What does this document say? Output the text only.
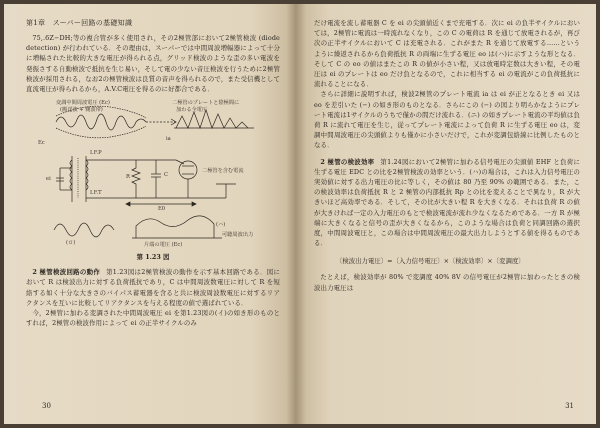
第1章　スーパー回路の基礎知識

75,.6Z−DH;等の複合管が多く使用され，その2極管部において2極管検波 (diode detection) が行われている．その理由は，スーパーでは中間周波増幅器によって十分に増幅された比較的大きな電圧が得られる点，グリッド検波のような歪の多い電波を発振さする自動検波で抵抗を生じ易い，そして電の少ない音圧検波を行うために2極管検波が採用される，なお2の極管検波は良質の音声を得られるので，また受信機として直流電圧が得られるから，A.V.C電圧を得るのに好都合である．

変調中間周波電圧 (Ec)
(搬送波 + 側波帯)
二極管のプレートと陰極間に
加わる全電圧
ia
Ec
I.F.P
I.F.T
C
R
ei
E0
二極管を含む電流
(ロ)
(ハ)
可聴周波出力
片端の電圧 (Ec)
第 1.23 図

2 極管検波回路の動作 第1.23図は2極管検波の動作を示す基本回路である．図において R は検波出力に対する負荷抵抗であり，C は中間周波数電圧に対して R を短絡する如く十分な大きさのバイパス蓄電器を含ると共に検波周波数電圧に対するリアクタンスを互いに比較してリアクタンスを与える程度の値で選ばれている．

今，2極管に加わる変調された中間周波電圧 ei を第1.23図の(イ)の如き形のものとすれば，2極管の検波作用によって ei の正半サイクルのみ

30

だけ電流を流し蓄電器 C を ei の尖頭値近くまで充電する．次に ei の負半サイクルにおいては，2極管に電流は一時流れなくなり，この C の電荷は R を通じて放電されるが，再び次の正半サイクルにおいて C は充電される．これがまた R を通じて放電する……というように繰返されるから負荷抵抗 R の両端に生ずる電圧 eo は(ハ)に示すような形となる．そして C の eo の値はまたこの R の値が小さい程，又は放電時定数は大きい程，その電圧は ei のプレートは eo だけ負となるので，これに相当する ei の電流がこの負荷抵抗に流れることになる．

さらに詳細に説明すれば，検波2極管のプレート電流 ia は ei が正となるとき ei 又は eo を差引いた (−) の如き形のものとなる．さらにこの (−) の図より明らかなようにプレート電流は1サイクルのうちで僅かの間だけ流れる．(ニ) の如きプレート電流の平均値は負荷 R に流れて電圧を生じ，従ってプレート電流によって負荷 R に生ずる電圧 eo は，変調中間周波電圧の尖頭値よりも僅かに小さいだけで，これが変調包絡線に比例したものとなる．

2 極管の検波効率 第1.24図において2極管に加わる信号電圧の尖頭値 EHF と負荷に生ずる電圧 EDC との比を2極管検波の効率という．(ハ)の場合は，これは入力信号電圧の実効値に対する出力電圧の比に等しく，その値は 80 乃至 90% の範囲である．また，この検波効率は負荷抵抗 R と 2 極管の内部抵抗 Rp との比を変えることで異なり，R が大きいほど高効率である．そして，その比が大きい程 R を大きくなる．それは負荷 R の値が大きければ一定の入力電圧のもとで検波電流が流れ少なくなるためである．一方 R が極端に大きくなると信号の歪が大きくなるから，このような場合は負荷と同調回路の選択度，中間周波電圧と，この場合は中間周波電圧の最大出力しようとする値を得るものである．

〔検波出力電圧〕=〔入力信号電圧〕×〔検波効率〕×〔変調度〕

たとえば，検波効率が 80% で変調度 40% 8V の信号電圧が2極管に加わったときの検波出力電圧は

31
